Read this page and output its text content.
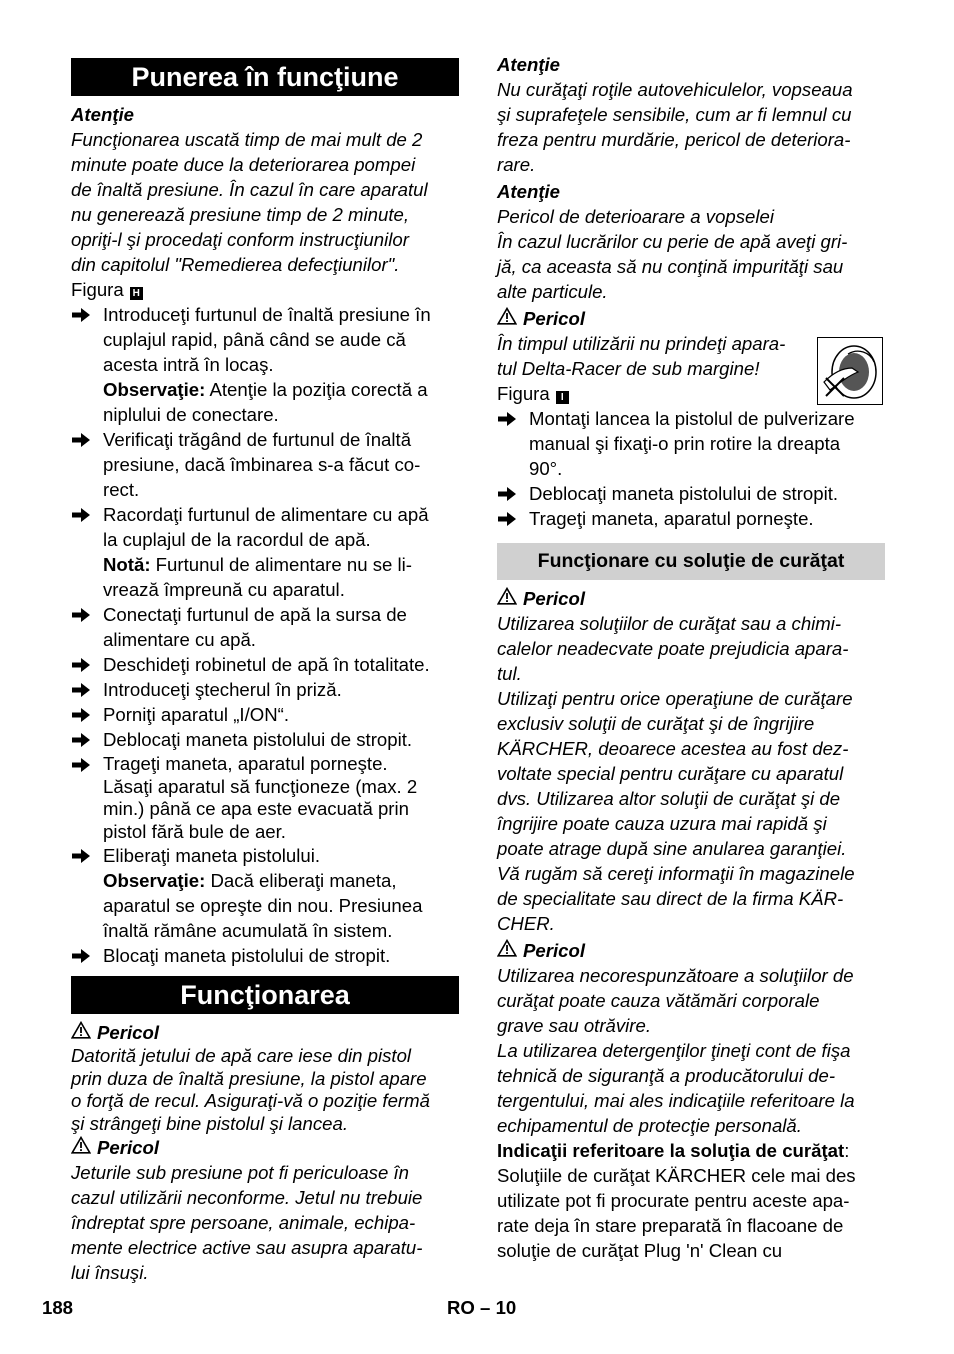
Punerea în funcţiune
Atenţie
Funcţionarea uscată timp de mai mult de 2
minute poate duce la deteriorarea pompei
de înaltă presiune. În cazul în care aparatul
nu generează presiune timp de 2 minute,
opriţi-l şi procedaţi conform instrucţiunilor
din capitolul "Remedierea defecţiunilor".
Figura H
Introduceţi furtunul de înaltă presiune în
cuplajul rapid, până când se aude că
acesta intră în locaş.
Observaţie: Atenţie la poziţia corectă a
niplului de conectare.
Verificaţi trăgând de furtunul de înaltă
presiune, dacă îmbinarea s-a făcut co-
rect.
Racordaţi furtunul de alimentare cu apă
la cuplajul de la racordul de apă.
Notă: Furtunul de alimentare nu se li-
vrează împreună cu aparatul.
Conectaţi furtunul de apă la sursa de
alimentare cu apă.
Deschideţi robinetul de apă în totalitate.
Introduceţi ştecherul în priză.
Porniţi aparatul „I/ON“.
Deblocaţi maneta pistolului de stropit.
Trageţi maneta, aparatul porneşte.
Lăsaţi aparatul să funcţioneze (max. 2
min.) până ce apa este evacuată prin
pistol fără bule de aer.
Eliberaţi maneta pistolului.
Observaţie: Dacă eliberaţi maneta,
aparatul se opreşte din nou. Presiunea
înaltă rămâne acumulată în sistem.
Blocaţi maneta pistolului de stropit.
Funcţionarea
Pericol
Datorită jetului de apă care iese din pistol
prin duza de înaltă presiune, la pistol apare
o forţă de recul. Asiguraţi-vă o poziţie fermă
şi strângeţi bine pistolul şi lancea.
Pericol
Jeturile sub presiune pot fi periculoase în
cazul utilizării neconforme. Jetul nu trebuie
îndreptat spre persoane, animale, echipa-
mente electrice active sau asupra aparatu-
lui însuşi.
Atenţie
Nu curăţaţi roţile autovehiculelor, vopseaua
şi suprafeţele sensibile, cum ar fi lemnul cu
freza pentru murdărie, pericol de deteriora-
rare.
Atenţie
Pericol de deterioarare a vopselei
În cazul lucrărilor cu perie de apă aveţi gri-
jă, ca aceasta să nu conţină impurităţi sau
alte particule.
Pericol
În timpul utilizării nu prindeţi apara-
tul Delta-Racer de sub margine!
Figura I
Montaţi lancea la pistolul de pulverizare
manual şi fixaţi-o prin rotire la dreapta
90°.
Deblocaţi maneta pistolului de stropit.
Trageţi maneta, aparatul porneşte.
Funcţionare cu soluţie de curăţat
Pericol
Utilizarea soluţiilor de curăţat sau a chimi-
calelor neadecvate poate prejudicia apara-
tul.
Utilizaţi pentru orice operaţiune de curăţare
exclusiv soluţii de curăţat şi de îngrijire
KÄRCHER, deoarece acestea au fost dez-
voltate special pentru curăţare cu aparatul
dvs. Utilizarea altor soluţii de curăţat şi de
îngrijire poate cauza uzura mai rapidă şi
poate atrage după sine anularea garanţiei.
Vă rugăm să cereţi informaţii în magazinele
de specialitate sau direct de la firma KÄR-
CHER.
Pericol
Utilizarea necorespunzătoare a soluţiilor de
curăţat poate cauza vătămări corporale
grave sau otrăvire.
La utilizarea detergenţilor ţineţi cont de fişa
tehnică de siguranţă a producătorului de-
tergentului, mai ales indicaţiile referitoare la
echipamentul de protecţie personală.
Indicaţii referitoare la soluţia de curăţat:
Soluţiile de curăţat KÄRCHER cele mai des
utilizate pot fi procurate pentru aceste apa-
rate deja în stare preparată în flacoane de
soluţie de curăţat Plug 'n' Clean cu
188	RO – 10
